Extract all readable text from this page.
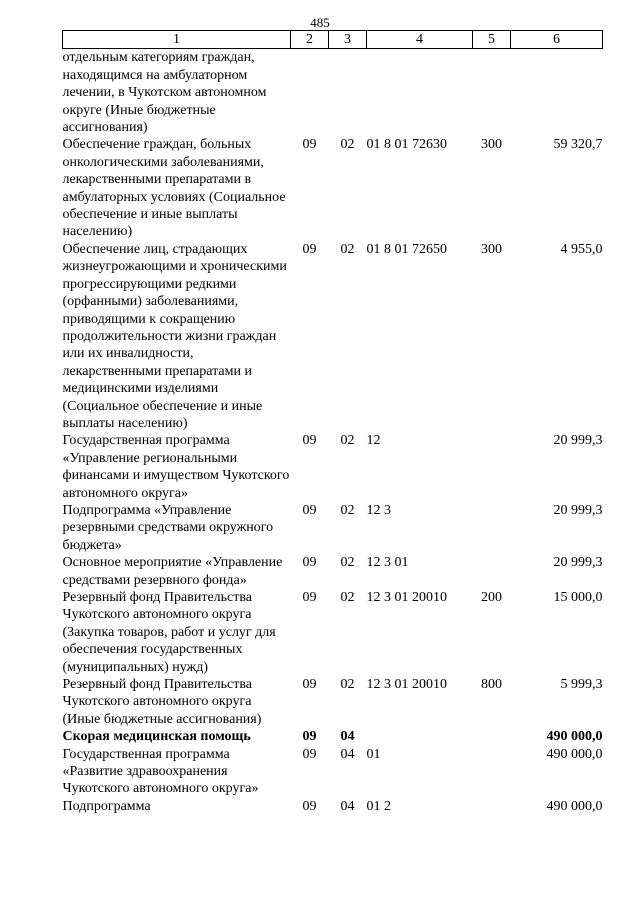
485
1	2	3	4	5	6
отдельным категориям граждан, находящимся на амбулаторном лечении, в Чукотском автономном округе (Иные бюджетные ассигнования)					
Обеспечение граждан, больных онкологическими заболеваниями, лекарственными препаратами в амбулаторных условиях (Социальное обеспечение и иные выплаты населению)	09	02	01 8 01 72630	300	59 320,7
Обеспечение лиц, страдающих жизнеугрожающими и хроническими прогрессирующими редкими (орфанными) заболеваниями, приводящими к сокращению продолжительности жизни граждан или их инвалидности, лекарственными препаратами и медицинскими изделиями (Социальное обеспечение и иные выплаты населению)	09	02	01 8 01 72650	300	4 955,0
Государственная программа «Управление региональными финансами и имуществом Чукотского автономного округа»	09	02	12		20 999,3
Подпрограмма «Управление резервными средствами окружного бюджета»	09	02	12 3		20 999,3
Основное мероприятие «Управление средствами резервного фонда»	09	02	12 3 01		20 999,3
Резервный фонд Правительства Чукотского автономного округа (Закупка товаров, работ и услуг для обеспечения государственных (муниципальных) нужд)	09	02	12 3 01 20010	200	15 000,0
Резервный фонд Правительства Чукотского автономного округа (Иные бюджетные ассигнования)	09	02	12 3 01 20010	800	5 999,3
Скорая медицинская помощь	09	04			490 000,0
Государственная программа «Развитие здравоохранения Чукотского автономного округа»	09	04	01		490 000,0
Подпрограмма	09	04	01 2		490 000,0
